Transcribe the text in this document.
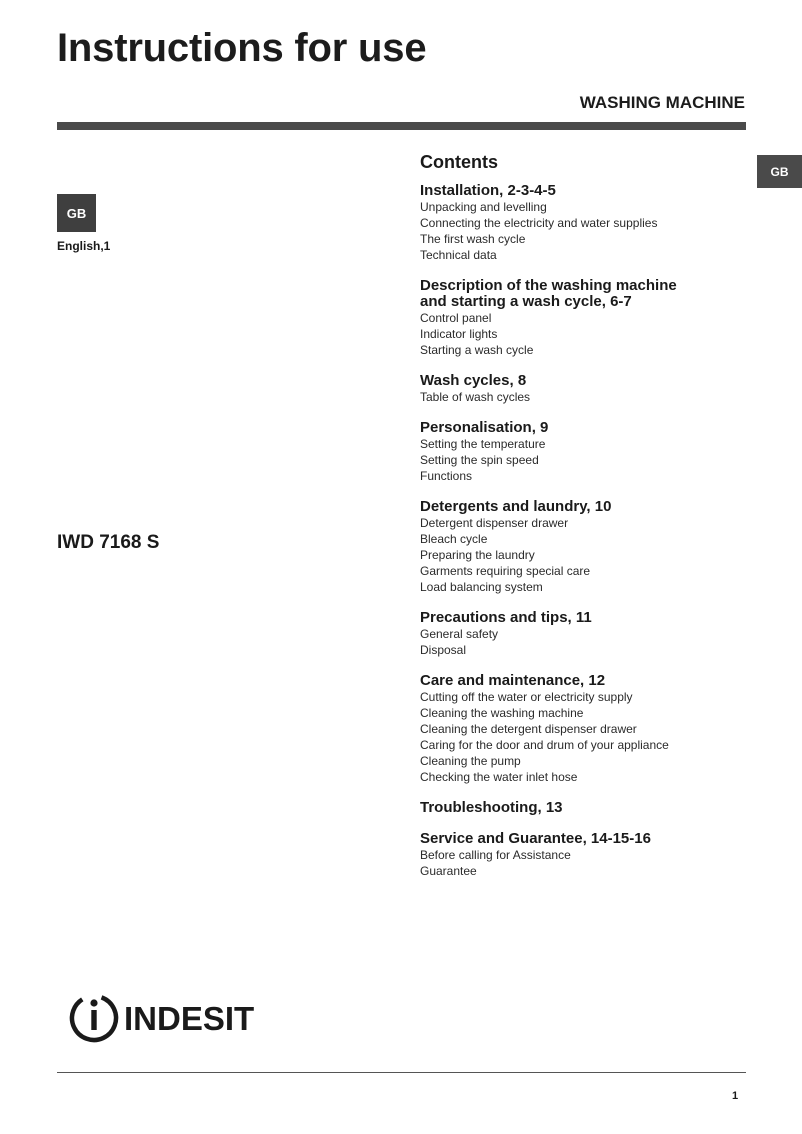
Instructions for use
WASHING MACHINE
GB
GB
English,1
IWD 7168 S
Contents
Installation, 2-3-4-5
Unpacking and levelling
Connecting the electricity and water supplies
The first wash cycle
Technical data
Description of the washing machine
and starting a wash cycle, 6-7
Control panel
Indicator lights
Starting a wash cycle
Wash cycles, 8
Table of wash cycles
Personalisation, 9
Setting the temperature
Setting the spin speed
Functions
Detergents and laundry, 10
Detergent dispenser drawer
Bleach cycle
Preparing the laundry
Garments requiring special care
Load balancing system
Precautions and tips, 11
General safety
Disposal
Care and maintenance, 12
Cutting off the water or electricity supply
Cleaning the washing machine
Cleaning the detergent dispenser drawer
Caring for the door and drum of your appliance
Cleaning the pump
Checking the water inlet hose
Troubleshooting, 13
Service and Guarantee, 14-15-16
Before calling for Assistance
Guarantee
INDESIT
1
